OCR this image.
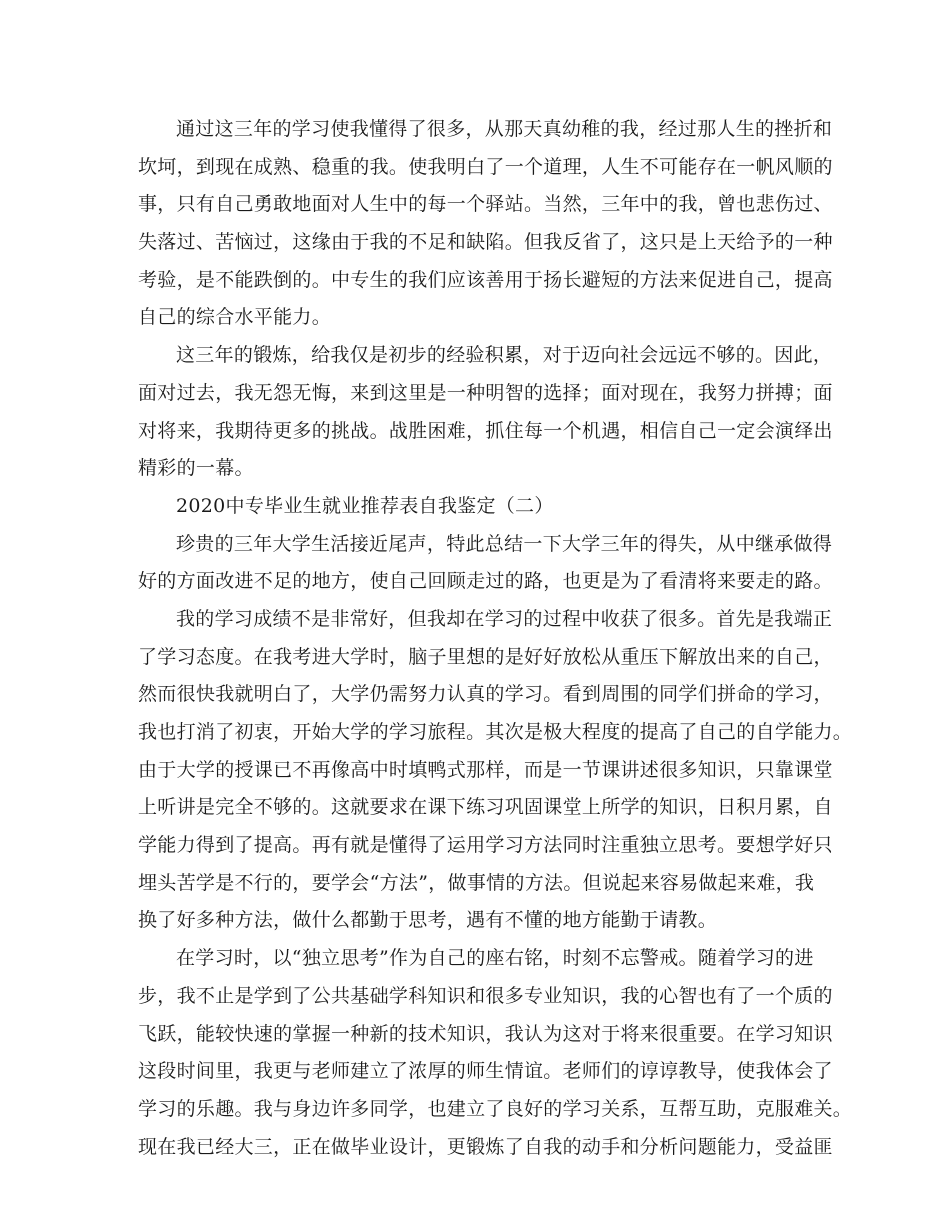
通过这三年的学习使我懂得了很多，从那天真幼稚的我，经过那人生的挫折和
坎坷，到现在成熟、稳重的我。使我明白了一个道理，人生不可能存在一帆风顺的
事，只有自己勇敢地面对人生中的每一个驿站。当然，三年中的我，曾也悲伤过、
失落过、苦恼过，这缘由于我的不足和缺陷。但我反省了，这只是上天给予的一种
考验，是不能跌倒的。中专生的我们应该善用于扬长避短的方法来促进自己，提高
自己的综合水平能力。
这三年的锻炼，给我仅是初步的经验积累，对于迈向社会远远不够的。因此，
面对过去，我无怨无悔，来到这里是一种明智的选择；面对现在，我努力拼搏；面
对将来，我期待更多的挑战。战胜困难，抓住每一个机遇，相信自己一定会演绎出
精彩的一幕。
2020中专毕业生就业推荐表自我鉴定（二）
珍贵的三年大学生活接近尾声，特此总结一下大学三年的得失，从中继承做得
好的方面改进不足的地方，使自己回顾走过的路，也更是为了看清将来要走的路。
我的学习成绩不是非常好，但我却在学习的过程中收获了很多。首先是我端正
了学习态度。在我考进大学时，脑子里想的是好好放松从重压下解放出来的自己，
然而很快我就明白了，大学仍需努力认真的学习。看到周围的同学们拼命的学习，
我也打消了初衷，开始大学的学习旅程。其次是极大程度的提高了自己的自学能力。
由于大学的授课已不再像高中时填鸭式那样，而是一节课讲述很多知识，只靠课堂
上听讲是完全不够的。这就要求在课下练习巩固课堂上所学的知识，日积月累，自
学能力得到了提高。再有就是懂得了运用学习方法同时注重独立思考。要想学好只
埋头苦学是不行的，要学会“方法”，做事情的方法。但说起来容易做起来难，我
换了好多种方法，做什么都勤于思考，遇有不懂的地方能勤于请教。
在学习时，以“独立思考”作为自己的座右铭，时刻不忘警戒。随着学习的进
步，我不止是学到了公共基础学科知识和很多专业知识，我的心智也有了一个质的
飞跃，能较快速的掌握一种新的技术知识，我认为这对于将来很重要。在学习知识
这段时间里，我更与老师建立了浓厚的师生情谊。老师们的谆谆教导，使我体会了
学习的乐趣。我与身边许多同学，也建立了良好的学习关系，互帮互助，克服难关。
现在我已经大三，正在做毕业设计，更锻炼了自我的动手和分析问题能力，受益匪
